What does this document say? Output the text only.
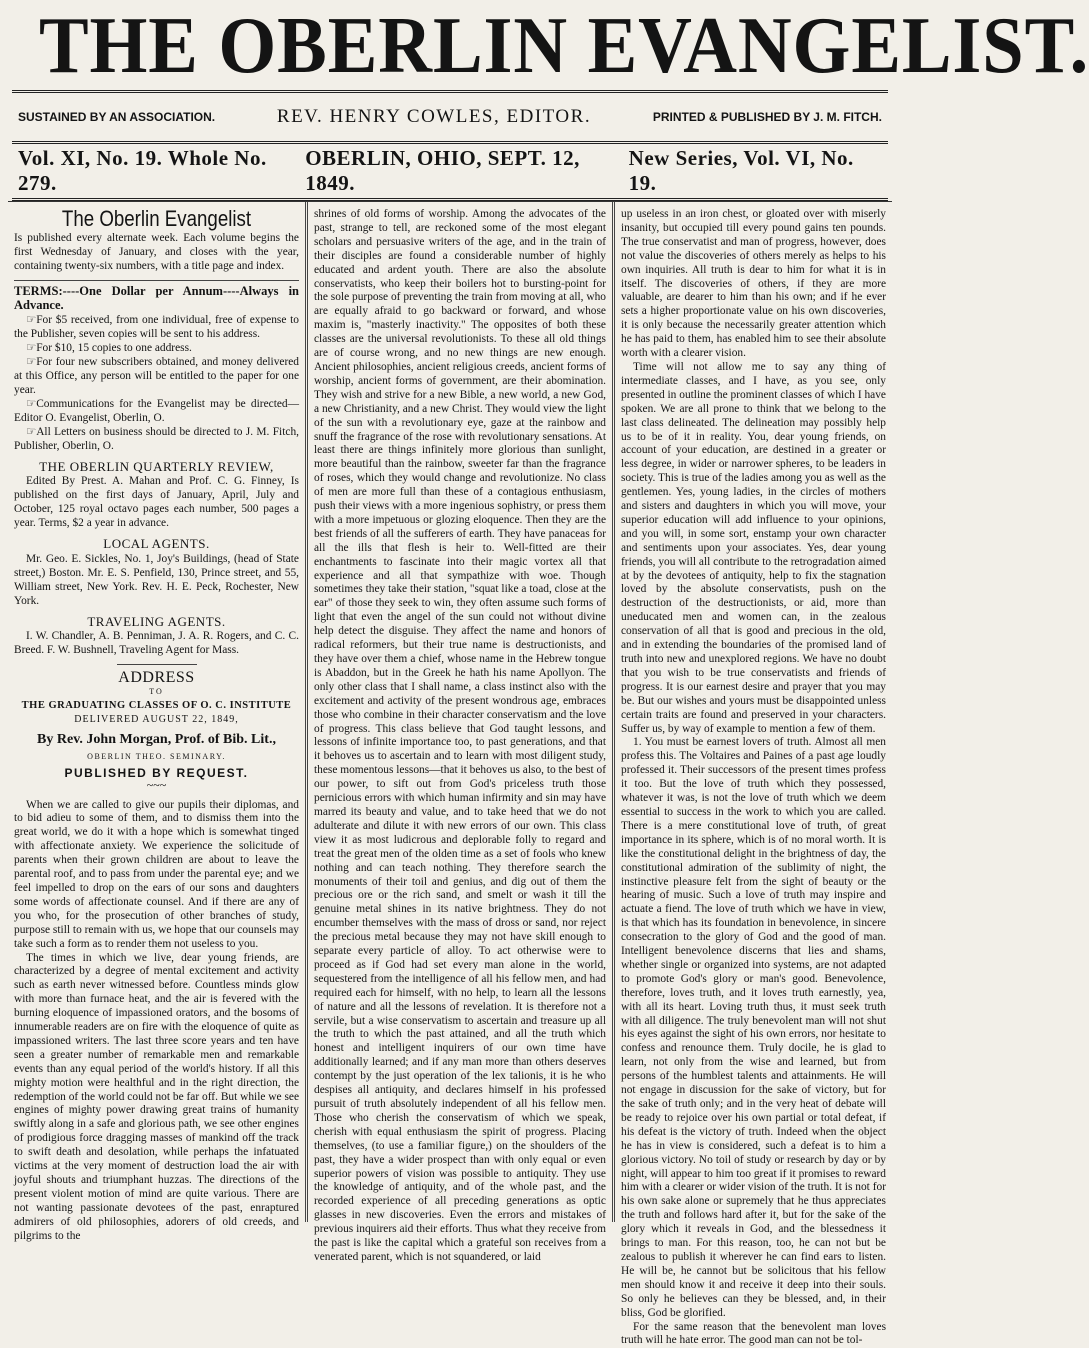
THE OBERLIN EVANGELIST.
SUSTAINED BY AN ASSOCIATION.	REV. HENRY COWLES, EDITOR.	PRINTED & PUBLISHED BY J. M. FITCH.
Vol. XI, No. 19. Whole No. 279.
OBERLIN, OHIO, SEPT. 12, 1849.
New Series, Vol. VI, No. 19.
The Oberlin Evangelist

Is published every alternate week. Each volume begins the first Wednesday of January, and closes with the year, containing twenty-six numbers, with a title page and index.

TERMS:----One Dollar per Annum----Always in Advance.

☞For $5 received, from one individual, free of expense to the Publisher, seven copies will be sent to his address.

☞For $10, 15 copies to one address.

☞For four new subscribers obtained, and money delivered at this Office, any person will be entitled to the paper for one year.

☞Communications for the Evangelist may be directed—Editor O. Evangelist, Oberlin, O.

☞All Letters on business should be directed to J. M. Fitch, Publisher, Oberlin, O.

THE OBERLIN QUARTERLY REVIEW,

Edited By Prest. A. Mahan and Prof. C. G. Finney, Is published on the first days of January, April, July and October, 125 royal octavo pages each number, 500 pages a year. Terms, $2 a year in advance.

LOCAL AGENTS.

Mr. Geo. E. Sickles, No. 1, Joy's Buildings, (head of State street,) Boston. Mr. E. S. Penfield, 130, Prince street, and 55, William street, New York. Rev. H. E. Peck, Rochester, New York.

TRAVELING AGENTS.

I. W. Chandler, A. B. Penniman, J. A. R. Rogers, and C. C. Breed. F. W. Bushnell, Traveling Agent for Mass.

ADDRESS
TO
THE GRADUATING CLASSES OF O. C. INSTITUTE
DELIVERED AUGUST 22, 1849,
By Rev. John Morgan, Prof. of Bib. Lit.,
OBERLIN THEO. SEMINARY.
PUBLISHED BY REQUEST.
~~~

When we are called to give our pupils their diplomas, and to bid adieu to some of them, and to dismiss them into the great world, we do it with a hope which is somewhat tinged with affectionate anxiety. We experience the solicitude of parents when their grown children are about to leave the parental roof, and to pass from under the parental eye; and we feel impelled to drop on the ears of our sons and daughters some words of affectionate counsel. And if there are any of you who, for the prosecution of other branches of study, purpose still to remain with us, we hope that our counsels may take such a form as to render them not useless to you.

The times in which we live, dear young friends, are characterized by a degree of mental excitement and activity such as earth never witnessed before. Countless minds glow with more than furnace heat, and the air is fevered with the burning eloquence of impassioned orators, and the bosoms of innumerable readers are on fire with the eloquence of quite as impassioned writers. The last three score years and ten have seen a greater number of remarkable men and remarkable events than any equal period of the world's history. If all this mighty motion were healthful and in the right direction, the redemption of the world could not be far off. But while we see engines of mighty power drawing great trains of humanity swiftly along in a safe and glorious path, we see other engines of prodigious force dragging masses of mankind off the track to swift death and desolation, while perhaps the infatuated victims at the very moment of destruction load the air with joyful shouts and triumphant huzzas. The directions of the present violent motion of mind are quite various. There are not wanting passionate devotees of the past, enraptured admirers of old philosophies, adorers of old creeds, and pilgrims to the

shrines of old forms of worship. Among the advocates of the past, strange to tell, are reckoned some of the most elegant scholars and persuasive writers of the age, and in the train of their disciples are found a considerable number of highly educated and ardent youth. There are also the absolute conservatists, who keep their boilers hot to bursting-point for the sole purpose of preventing the train from moving at all, who are equally afraid to go backward or forward, and whose maxim is, "masterly inactivity." The opposites of both these classes are the universal revolutionists. To these all old things are of course wrong, and no new things are new enough. Ancient philosophies, ancient religious creeds, ancient forms of worship, ancient forms of government, are their abomination. They wish and strive for a new Bible, a new world, a new God, a new Christianity, and a new Christ. They would view the light of the sun with a revolutionary eye, gaze at the rainbow and snuff the fragrance of the rose with revolutionary sensations. At least there are things infinitely more glorious than sunlight, more beautiful than the rainbow, sweeter far than the fragrance of roses, which they would change and revolutionize. No class of men are more full than these of a contagious enthusiasm, push their views with a more ingenious sophistry, or press them with a more impetuous or glozing eloquence. Then they are the best friends of all the sufferers of earth. They have panaceas for all the ills that flesh is heir to. Well-fitted are their enchantments to fascinate into their magic vortex all that experience and all that sympathize with woe. Though sometimes they take their station, "squat like a toad, close at the ear" of those they seek to win, they often assume such forms of light that even the angel of the sun could not without divine help detect the disguise. They affect the name and honors of radical reformers, but their true name is destructionists, and they have over them a chief, whose name in the Hebrew tongue is Abaddon, but in the Greek he hath his name Apollyon. The only other class that I shall name, a class instinct also with the excitement and activity of the present wondrous age, embraces those who combine in their character conservatism and the love of progress. This class believe that God taught lessons, and lessons of infinite importance too, to past generations, and that it behoves us to ascertain and to learn with most diligent study, these momentous lessons—that it behoves us also, to the best of our power, to sift out from God's priceless truth those pernicious errors with which human infirmity and sin may have marred its beauty and value, and to take heed that we do not adulterate and dilute it with new errors of our own. This class view it as most ludicrous and deplorable folly to regard and treat the great men of the olden time as a set of fools who knew nothing and can teach nothing. They therefore search the monuments of their toil and genius, and dig out of them the precious ore or the rich sand, and smelt or wash it till the genuine metal shines in its native brightness. They do not encumber themselves with the mass of dross or sand, nor reject the precious metal because they may not have skill enough to separate every particle of alloy. To act otherwise were to proceed as if God had set every man alone in the world, sequestered from the intelligence of all his fellow men, and had required each for himself, with no help, to learn all the lessons of nature and all the lessons of revelation. It is therefore not a servile, but a wise conservatism to ascertain and treasure up all the truth to which the past attained, and all the truth which honest and intelligent inquirers of our own time have additionally learned; and if any man more than others deserves contempt by the just operation of the lex talionis, it is he who despises all antiquity, and declares himself in his professed pursuit of truth absolutely independent of all his fellow men. Those who cherish the conservatism of which we speak, cherish with equal enthusiasm the spirit of progress. Placing themselves, (to use a familiar figure,) on the shoulders of the past, they have a wider prospect than with only equal or even superior powers of vision was possible to antiquity. They use the knowledge of antiquity, and of the whole past, and the recorded experience of all preceding generations as optic glasses in new discoveries. Even the errors and mistakes of previous inquirers aid their efforts. Thus what they receive from the past is like the capital which a grateful son receives from a venerated parent, which is not squandered, or laid

up useless in an iron chest, or gloated over with miserly insanity, but occupied till every pound gains ten pounds. The true conservatist and man of progress, however, does not value the discoveries of others merely as helps to his own inquiries. All truth is dear to him for what it is in itself. The discoveries of others, if they are more valuable, are dearer to him than his own; and if he ever sets a higher proportionate value on his own discoveries, it is only because the necessarily greater attention which he has paid to them, has enabled him to see their absolute worth with a clearer vision.

Time will not allow me to say any thing of intermediate classes, and I have, as you see, only presented in outline the prominent classes of which I have spoken. We are all prone to think that we belong to the last class delineated. The delineation may possibly help us to be of it in reality. You, dear young friends, on account of your education, are destined in a greater or less degree, in wider or narrower spheres, to be leaders in society. This is true of the ladies among you as well as the gentlemen. Yes, young ladies, in the circles of mothers and sisters and daughters in which you will move, your superior education will add influence to your opinions, and you will, in some sort, enstamp your own character and sentiments upon your associates. Yes, dear young friends, you will all contribute to the retrogradation aimed at by the devotees of antiquity, help to fix the stagnation loved by the absolute conservatists, push on the destruction of the destructionists, or aid, more than uneducated men and women can, in the zealous conservation of all that is good and precious in the old, and in extending the boundaries of the promised land of truth into new and unexplored regions. We have no doubt that you wish to be true conservatists and friends of progress. It is our earnest desire and prayer that you may be. But our wishes and yours must be disappointed unless certain traits are found and preserved in your characters. Suffer us, by way of example to mention a few of them.

1. You must be earnest lovers of truth. Almost all men profess this. The Voltaires and Paines of a past age loudly professed it. Their successors of the present times profess it too. But the love of truth which they possessed, whatever it was, is not the love of truth which we deem essential to success in the work to which you are called. There is a mere constitutional love of truth, of great importance in its sphere, which is of no moral worth. It is like the constitutional delight in the brightness of day, the constitutional admiration of the sublimity of night, the instinctive pleasure felt from the sight of beauty or the hearing of music. Such a love of truth may inspire and actuate a fiend. The love of truth which we have in view, is that which has its foundation in benevolence, in sincere consecration to the glory of God and the good of man. Intelligent benevolence discerns that lies and shams, whether single or organized into systems, are not adapted to promote God's glory or man's good. Benevolence, therefore, loves truth, and it loves truth earnestly, yea, with all its heart. Loving truth thus, it must seek truth with all diligence. The truly benevolent man will not shut his eyes against the sight of his own errors, nor hesitate to confess and renounce them. Truly docile, he is glad to learn, not only from the wise and learned, but from persons of the humblest talents and attainments. He will not engage in discussion for the sake of victory, but for the sake of truth only; and in the very heat of debate will be ready to rejoice over his own partial or total defeat, if his defeat is the victory of truth. Indeed when the object he has in view is considered, such a defeat is to him a glorious victory. No toil of study or research by day or by night, will appear to him too great if it promises to reward him with a clearer or wider vision of the truth. It is not for his own sake alone or supremely that he thus appreciates the truth and follows hard after it, but for the sake of the glory which it reveals in God, and the blessedness it brings to man. For this reason, too, he can not but be zealous to publish it wherever he can find ears to listen. He will be, he cannot but be solicitous that his fellow men should know it and receive it deep into their souls. So only he believes can they be blessed, and, in their bliss, God be glorified.

For the same reason that the benevolent man loves truth will he hate error. The good man can not be tol-
